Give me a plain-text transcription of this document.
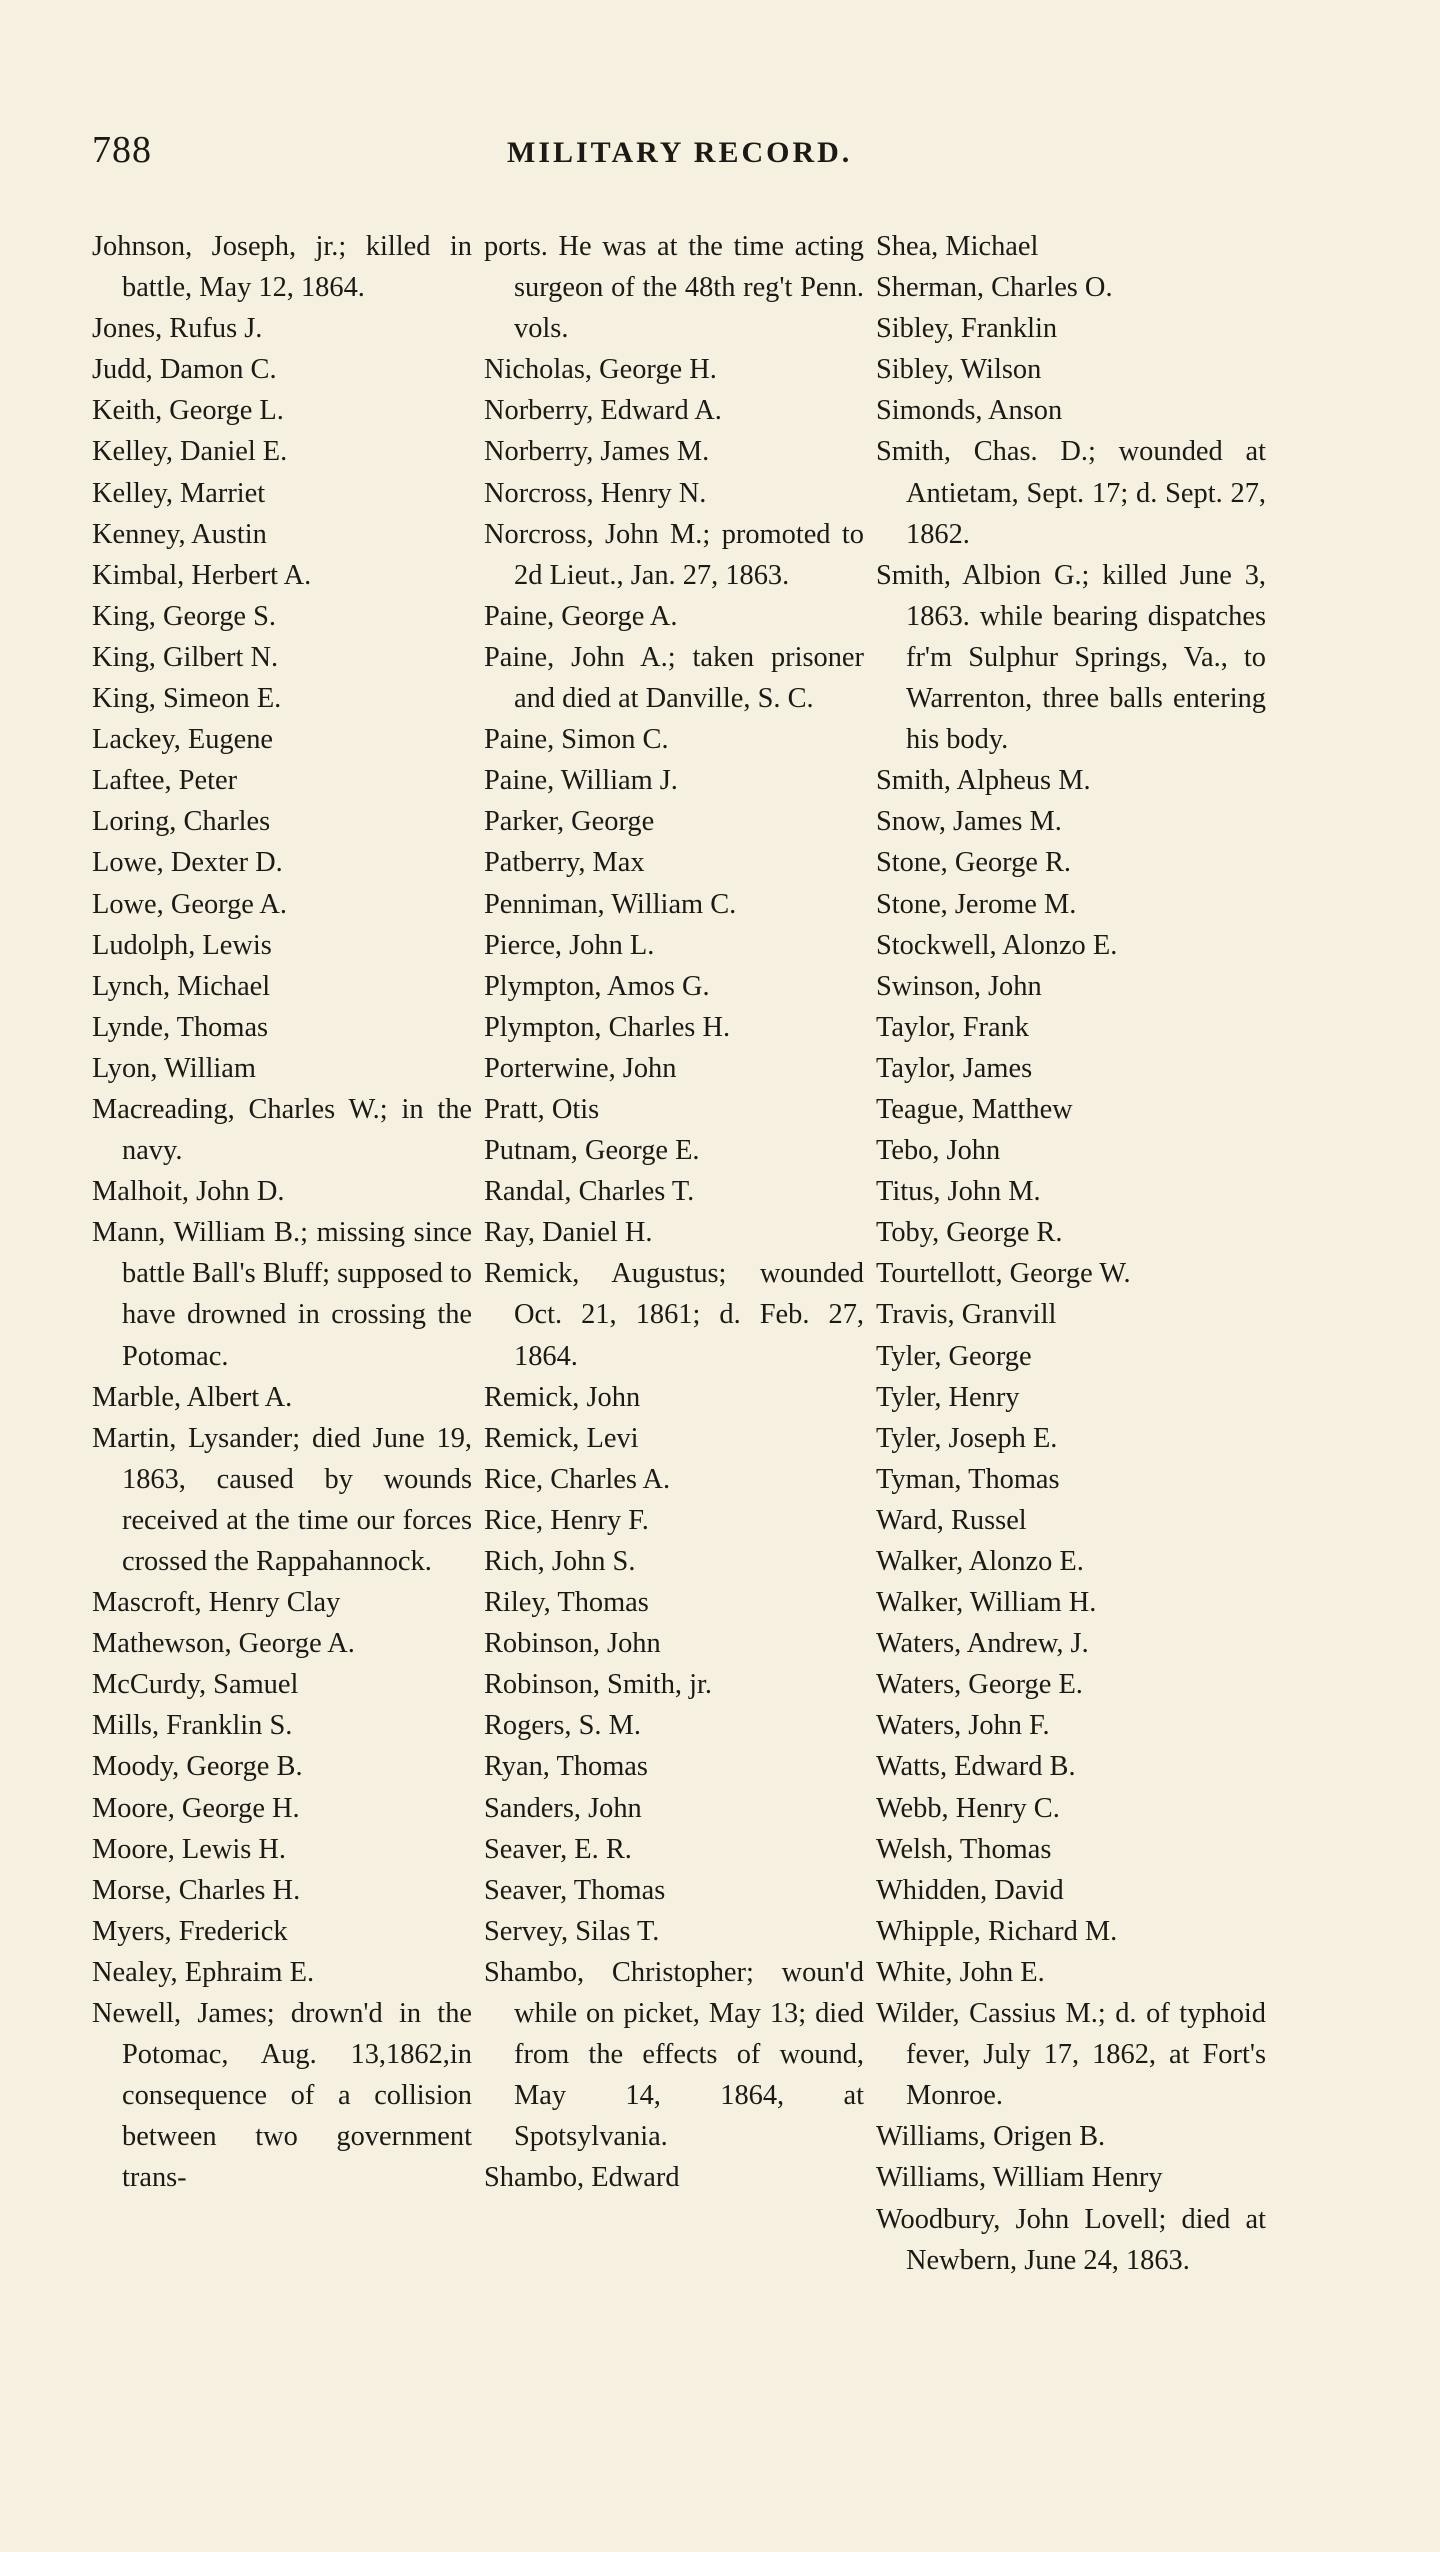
788	MILITARY RECORD.
Johnson, Joseph, jr.; killed in battle, May 12, 1864.
Jones, Rufus J.
Judd, Damon C.
Keith, George L.
Kelley, Daniel E.
Kelley, Marriet
Kenney, Austin
Kimbal, Herbert A.
King, George S.
King, Gilbert N.
King, Simeon E.
Lackey, Eugene
Laftee, Peter
Loring, Charles
Lowe, Dexter D.
Lowe, George A.
Ludolph, Lewis
Lynch, Michael
Lynde, Thomas
Lyon, William
Macreading, Charles W.; in the navy.
Malhoit, John D.
Mann, William B.; missing since battle Ball's Bluff; supposed to have drowned in crossing the Potomac.
Marble, Albert A.
Martin, Lysander; died June 19, 1863, caused by wounds received at the time our forces crossed the Rappahannock.
Mascroft, Henry Clay
Mathewson, George A.
McCurdy, Samuel
Mills, Franklin S.
Moody, George B.
Moore, George H.
Moore, Lewis H.
Morse, Charles H.
Myers, Frederick
Nealey, Ephraim E.
Newell, James; drown'd in the Potomac, Aug. 13,1862,in consequence of a collision between two government trans-
ports. He was at the time acting surgeon of the 48th reg't Penn. vols.
Nicholas, George H.
Norberry, Edward A.
Norberry, James M.
Norcross, Henry N.
Norcross, John M.; promoted to 2d Lieut., Jan. 27, 1863.
Paine, George A.
Paine, John A.; taken prisoner and died at Danville, S. C.
Paine, Simon C.
Paine, William J.
Parker, George
Patberry, Max
Penniman, William C.
Pierce, John L.
Plympton, Amos G.
Plympton, Charles H.
Porterwine, John
Pratt, Otis
Putnam, George E.
Randal, Charles T.
Ray, Daniel H.
Remick, Augustus; wounded Oct. 21, 1861; d. Feb. 27, 1864.
Remick, John
Remick, Levi
Rice, Charles A.
Rice, Henry F.
Rich, John S.
Riley, Thomas
Robinson, John
Robinson, Smith, jr.
Rogers, S. M.
Ryan, Thomas
Sanders, John
Seaver, E. R.
Seaver, Thomas
Servey, Silas T.
Shambo, Christopher; woun'd while on picket, May 13; died from the effects of wound, May 14, 1864, at Spotsylvania.
Shambo, Edward
Shea, Michael
Sherman, Charles O.
Sibley, Franklin
Sibley, Wilson
Simonds, Anson
Smith, Chas. D.; wounded at Antietam, Sept. 17; d. Sept. 27, 1862.
Smith, Albion G.; killed June 3, 1863. while bearing dispatches fr'm Sulphur Springs, Va., to Warrenton, three balls entering his body.
Smith, Alpheus M.
Snow, James M.
Stone, George R.
Stone, Jerome M.
Stockwell, Alonzo E.
Swinson, John
Taylor, Frank
Taylor, James
Teague, Matthew
Tebo, John
Titus, John M.
Toby, George R.
Tourtellott, George W.
Travis, Granvill
Tyler, George
Tyler, Henry
Tyler, Joseph E.
Tyman, Thomas
Ward, Russel
Walker, Alonzo E.
Walker, William H.
Waters, Andrew, J.
Waters, George E.
Waters, John F.
Watts, Edward B.
Webb, Henry C.
Welsh, Thomas
Whidden, David
Whipple, Richard M.
White, John E.
Wilder, Cassius M.; d. of typhoid fever, July 17, 1862, at Fort's Monroe.
Williams, Origen B.
Williams, William Henry
Woodbury, John Lovell; died at Newbern, June 24, 1863.
